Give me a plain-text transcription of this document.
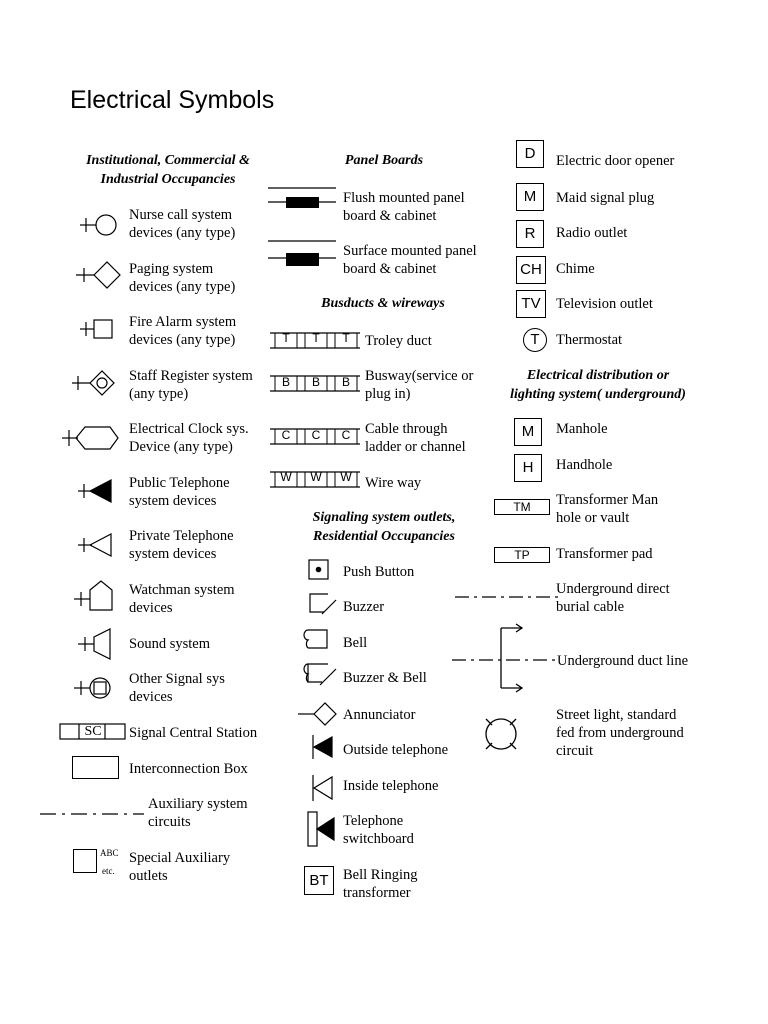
Electrical Symbols
Institutional, Commercial &
Industrial Occupancies
Nurse call system
devices (any type)
Paging system
devices (any type)
Fire Alarm system
devices (any type)
Staff Register system
(any type)
Electrical Clock sys.
Device (any type)
Public Telephone
system devices
Private Telephone
system devices
Watchman system
devices
Sound system
Other Signal sys
devices
SC Signal Central Station
Interconnection Box
Auxiliary system
circuits
ABC
etc.
Special Auxiliary
outlets
Panel Boards
Flush mounted panel
board & cabinet
Surface mounted panel
board & cabinet
Busducts & wireways
T	T	T	Troley duct
B	B	B	Busway(service or
plug in)
C	C	C	Cable through
ladder or channel
W	W	W Wire way
Signaling system outlets,
Residential Occupancies
Push Button
Buzzer
Bell
Buzzer & Bell
Annunciator
Outside telephone
Inside telephone
Telephone
switchboard
BT Bell Ringing
transformer
D	Electric door opener
M	Maid signal plug
R	Radio outlet
CH Chime
TV	Television outlet
T	Thermostat
Electrical distribution or
lighting system( underground)
M	Manhole
H	Handhole
TM	Transformer Man
hole or vault
TP	Transformer pad
Underground direct
burial cable
Underground duct line
Street light, standard
fed from underground
circuit
